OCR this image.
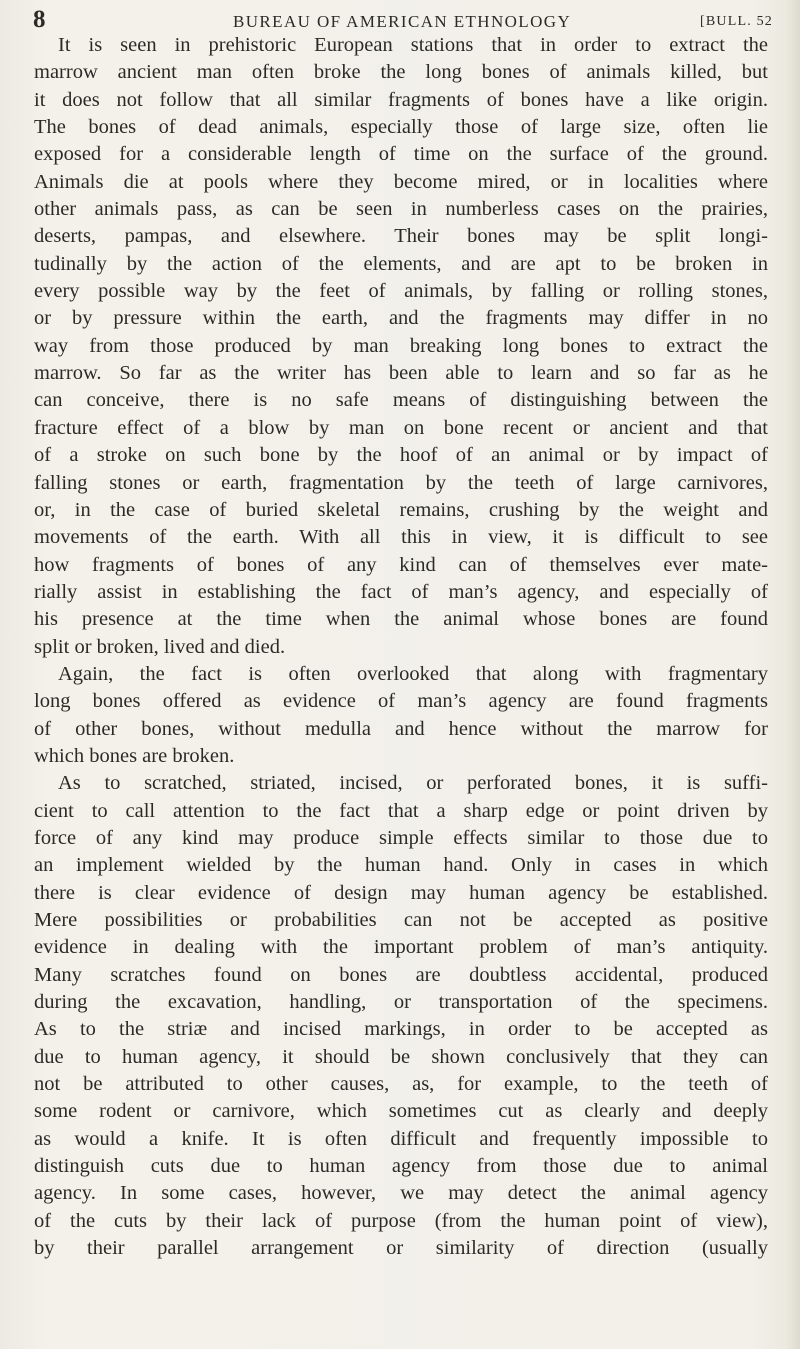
8	BUREAU OF AMERICAN ETHNOLOGY	[BULL. 52
It is seen in prehistoric European stations that in order to extract the
marrow ancient man often broke the long bones of animals killed, but
it does not follow that all similar fragments of bones have a like origin.
The bones of dead animals, especially those of large size, often lie
exposed for a considerable length of time on the surface of the ground.
Animals die at pools where they become mired, or in localities where
other animals pass, as can be seen in numberless cases on the prairies,
deserts, pampas, and elsewhere. Their bones may be split longi-
tudinally by the action of the elements, and are apt to be broken in
every possible way by the feet of animals, by falling or rolling stones,
or by pressure within the earth, and the fragments may differ in no
way from those produced by man breaking long bones to extract the
marrow. So far as the writer has been able to learn and so far as he
can conceive, there is no safe means of distinguishing between the
fracture effect of a blow by man on bone recent or ancient and that
of a stroke on such bone by the hoof of an animal or by impact of
falling stones or earth, fragmentation by the teeth of large carnivores,
or, in the case of buried skeletal remains, crushing by the weight and
movements of the earth. With all this in view, it is difficult to see
how fragments of bones of any kind can of themselves ever mate-
rially assist in establishing the fact of man’s agency, and especially of
his presence at the time when the animal whose bones are found
split or broken, lived and died.
Again, the fact is often overlooked that along with fragmentary
long bones offered as evidence of man’s agency are found fragments
of other bones, without medulla and hence without the marrow for
which bones are broken.
As to scratched, striated, incised, or perforated bones, it is suffi-
cient to call attention to the fact that a sharp edge or point driven by
force of any kind may produce simple effects similar to those due to
an implement wielded by the human hand. Only in cases in which
there is clear evidence of design may human agency be established.
Mere possibilities or probabilities can not be accepted as positive
evidence in dealing with the important problem of man’s antiquity.
Many scratches found on bones are doubtless accidental, produced
during the excavation, handling, or transportation of the specimens.
As to the striæ and incised markings, in order to be accepted as
due to human agency, it should be shown conclusively that they can
not be attributed to other causes, as, for example, to the teeth of
some rodent or carnivore, which sometimes cut as clearly and deeply
as would a knife. It is often difficult and frequently impossible to
distinguish cuts due to human agency from those due to animal
agency. In some cases, however, we may detect the animal agency
of the cuts by their lack of purpose (from the human point of view),
by their parallel arrangement or similarity of direction (usually
